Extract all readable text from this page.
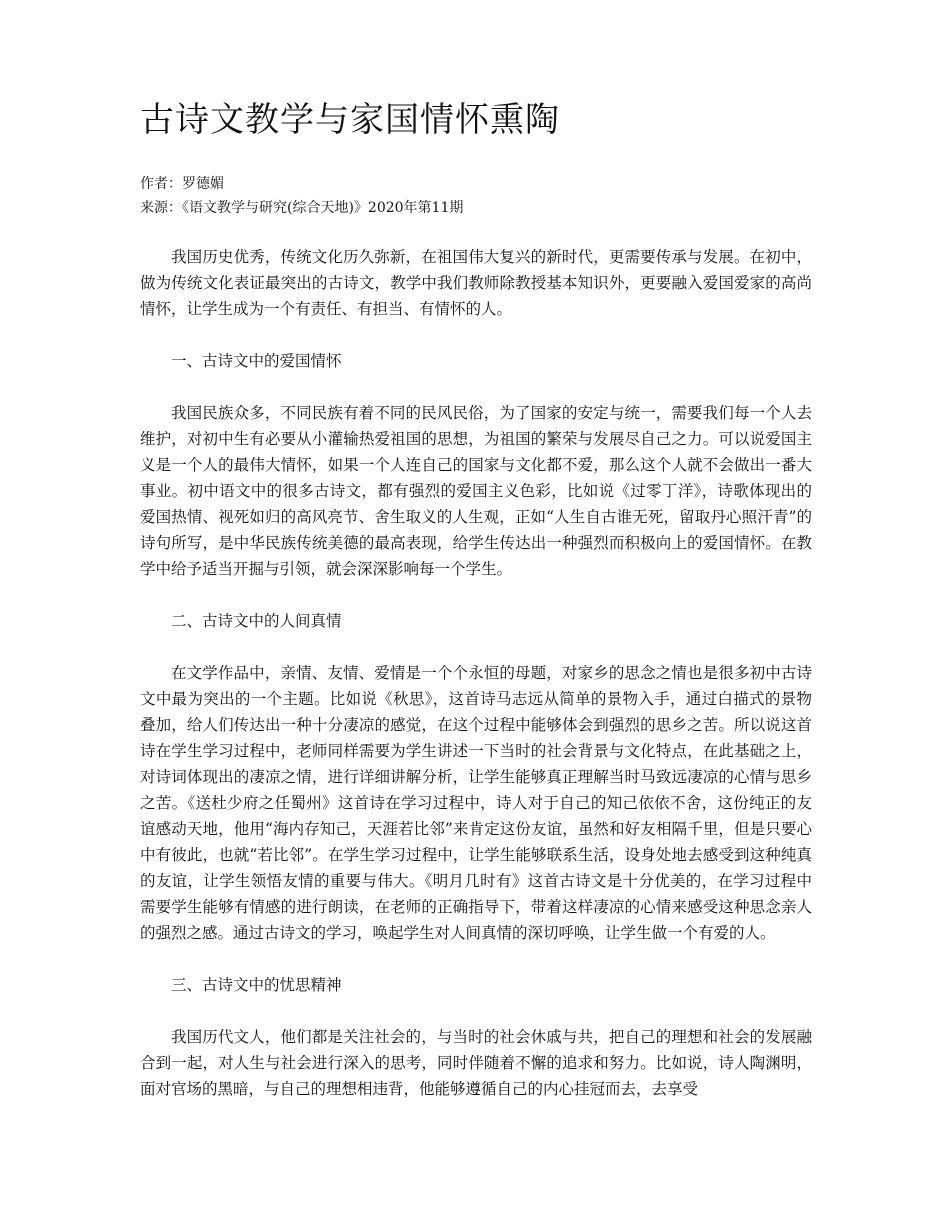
古诗文教学与家国情怀熏陶
作者：罗德媚
来源：《语文教学与研究(综合天地)》2020年第11期

我国历史优秀，传统文化历久弥新，在祖国伟大复兴的新时代，更需要传承与发展。在初中，做为传统文化表证最突出的古诗文，教学中我们教师除教授基本知识外，更要融入爱国爱家的高尚情怀，让学生成为一个有责任、有担当、有情怀的人。

一、古诗文中的爱国情怀

我国民族众多，不同民族有着不同的民风民俗，为了国家的安定与统一，需要我们每一个人去维护，对初中生有必要从小灌输热爱祖国的思想，为祖国的繁荣与发展尽自己之力。可以说爱国主义是一个人的最伟大情怀，如果一个人连自己的国家与文化都不爱，那么这个人就不会做出一番大事业。初中语文中的很多古诗文，都有强烈的爱国主义色彩，比如说《过零丁洋》，诗歌体现出的爱国热情、视死如归的高风亮节、舍生取义的人生观，正如“人生自古谁无死，留取丹心照汗青”的诗句所写，是中华民族传统美德的最高表现，给学生传达出一种强烈而积极向上的爱国情怀。在教学中给予适当开掘与引领，就会深深影响每一个学生。

二、古诗文中的人间真情

在文学作品中，亲情、友情、爱情是一个个永恒的母题，对家乡的思念之情也是很多初中古诗文中最为突出的一个主题。比如说《秋思》，这首诗马志远从简单的景物入手，通过白描式的景物叠加，给人们传达出一种十分凄凉的感觉，在这个过程中能够体会到强烈的思乡之苦。所以说这首诗在学生学习过程中，老师同样需要为学生讲述一下当时的社会背景与文化特点，在此基础之上，对诗词体现出的凄凉之情，进行详细讲解分析，让学生能够真正理解当时马致远凄凉的心情与思乡之苦。《送杜少府之任蜀州》这首诗在学习过程中，诗人对于自己的知己依依不舍，这份纯正的友谊感动天地，他用“海内存知己，天涯若比邻”来肯定这份友谊，虽然和好友相隔千里，但是只要心中有彼此，也就“若比邻”。在学生学习过程中，让学生能够联系生活，设身处地去感受到这种纯真的友谊，让学生领悟友情的重要与伟大。《明月几时有》这首古诗文是十分优美的，在学习过程中需要学生能够有情感的进行朗读，在老师的正确指导下，带着这样凄凉的心情来感受这种思念亲人的强烈之感。通过古诗文的学习，唤起学生对人间真情的深切呼唤，让学生做一个有爱的人。

三、古诗文中的忧思精神

我国历代文人，他们都是关注社会的，与当时的社会休戚与共，把自己的理想和社会的发展融合到一起，对人生与社会进行深入的思考，同时伴随着不懈的追求和努力。比如说，诗人陶渊明，面对官场的黑暗，与自己的理想相违背，他能够遵循自己的内心挂冠而去，去享受
